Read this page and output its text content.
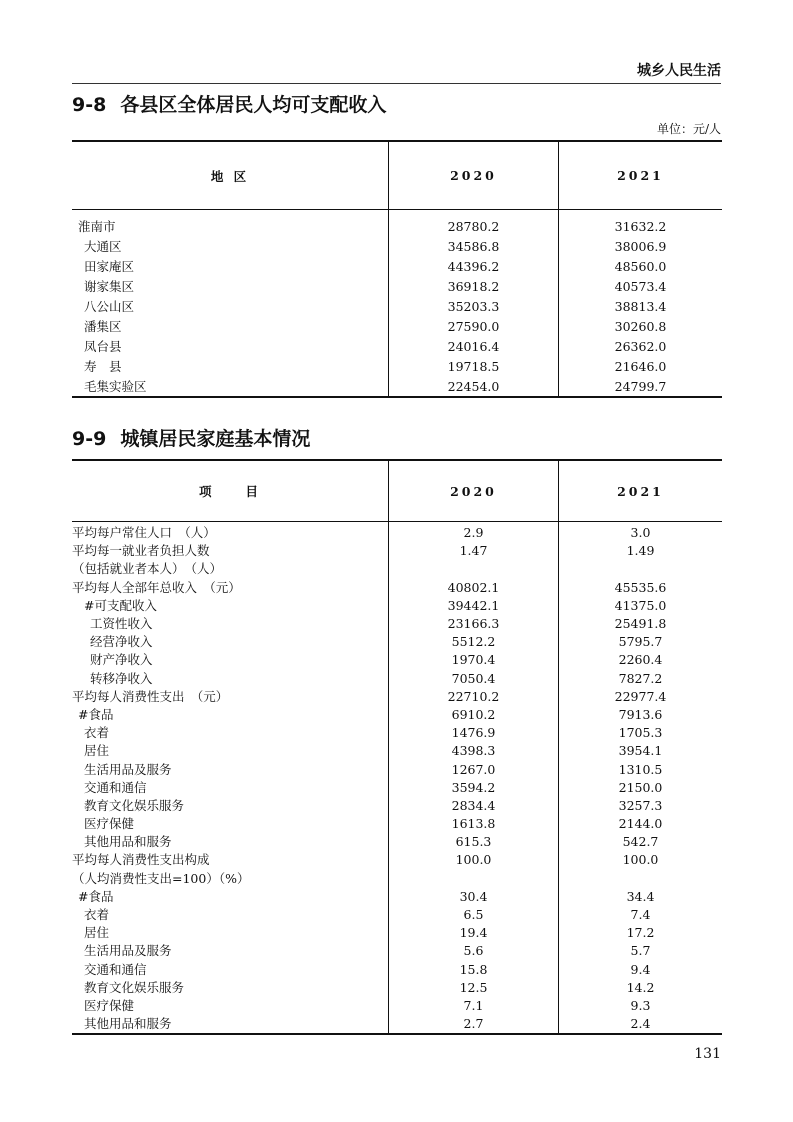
城乡人民生活
9-8 各县区全体居民人均可支配收入
单位：元/人
地 区	2020	2021
淮南市	28780.2	31632.2
大通区	34586.8	38006.9
田家庵区	44396.2	48560.0
谢家集区	36918.2	40573.4
八公山区	35203.3	38813.4
潘集区	27590.0	30260.8
凤台县	24016.4	26362.0
寿　县	19718.5	21646.0
毛集实验区	22454.0	24799.7
9-9 城镇居民家庭基本情况
项　　目	2020	2021
平均每户常住人口　（人）	2.9	3.0
平均每一就业者负担人数	1.47	1.49
（包括就业者本人）　（人）		
平均每人全部年总收入　（元）	40802.1	45535.6
#可支配收入	39442.1	41375.0
工资性收入	23166.3	25491.8
经营净收入	5512.2	5795.7
财产净收入	1970.4	2260.4
转移净收入	7050.4	7827.2
平均每人消费性支出　（元）	22710.2	22977.4
#食品	6910.2	7913.6
衣着	1476.9	1705.3
居住	4398.3	3954.1
生活用品及服务	1267.0	1310.5
交通和通信	3594.2	2150.0
教育文化娱乐服务	2834.4	3257.3
医疗保健	1613.8	2144.0
其他用品和服务	615.3	542.7
平均每人消费性支出构成	100.0	100.0
（人均消费性支出=100）（%）		
#食品	30.4	34.4
衣着	6.5	7.4
居住	19.4	17.2
生活用品及服务	5.6	5.7
交通和通信	15.8	9.4
教育文化娱乐服务	12.5	14.2
医疗保健	7.1	9.3
其他用品和服务	2.7	2.4
131
